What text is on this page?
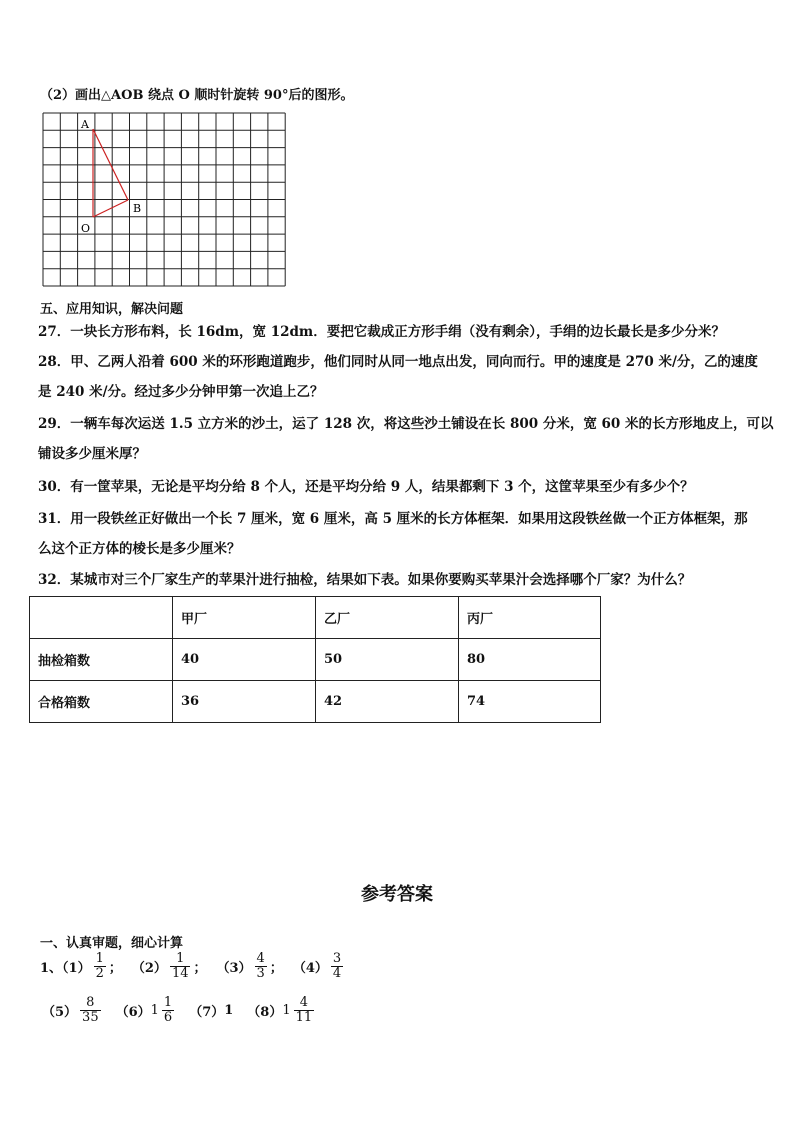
（2）画出△AOB 绕点 O 顺时针旋转 90°后的图形。
A
B
O
五、应用知识，解决问题
27．一块长方形布料，长 16dm，宽 12dm．要把它裁成正方形手绢（没有剩余），手绢的边长最长是多少分米？
28．甲、乙两人沿着 600 米的环形跑道跑步，他们同时从同一地点出发，同向而行。甲的速度是 270 米/分，乙的速度
是 240 米/分。经过多少分钟甲第一次追上乙？
29．一辆车每次运送 1.5 立方米的沙土，运了 128 次，将这些沙土铺设在长 800 分米，宽 60 米的长方形地皮上，可以
铺设多少厘米厚？
30．有一筐苹果，无论是平均分给 8 个人，还是平均分给 9 人，结果都剩下 3 个，这筐苹果至少有多少个？
31．用一段铁丝正好做出一个长 7 厘米，宽 6 厘米，高 5 厘米的长方体框架．如果用这段铁丝做一个正方体框架，那
么这个正方体的棱长是多少厘米？
32．某城市对三个厂家生产的苹果汁进行抽检，结果如下表。如果你要购买苹果汁会选择哪个厂家？为什么？
	甲厂	乙厂	丙厂
抽检箱数	40	50	80
合格箱数	36	42	74
参考答案
一、认真审题，细心计算
1、$(1) \frac{1}{2}$ ； $(2) \frac{1}{14}$ ； $(3) \frac{4}{3}$ ； $(4) \frac{3}{4}$
$(5) \frac{8}{35} (6)$ $1 \frac{1}{6} (7)$ 1 （8） $1 \frac{4}{11}$
